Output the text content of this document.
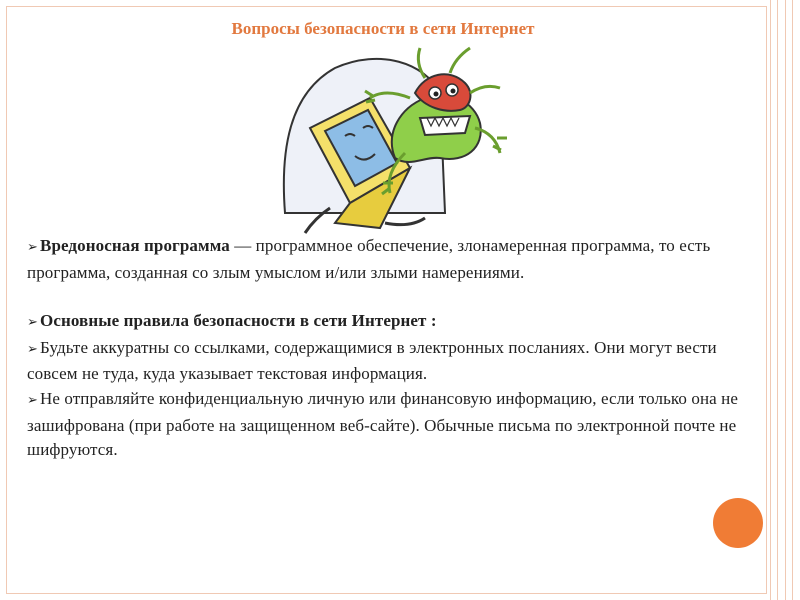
Вопросы безопасности в сети Интернет

➢ Вредоносная программа — программное обеспечение, злонамеренная программа, то есть программа, созданная со злым умыслом и/или злыми намерениями.

➢ Основные правила безопасности в сети Интернет :

➢ Будьте аккуратны со ссылками, содержащимися в электронных посланиях. Они могут вести совсем не туда, куда указывает текстовая информация.

➢ Не отправляйте конфиденциальную личную или финансовую информацию, если только она не зашифрована (при работе на защищенном веб-сайте). Обычные письма по электронной почте не шифруются.
